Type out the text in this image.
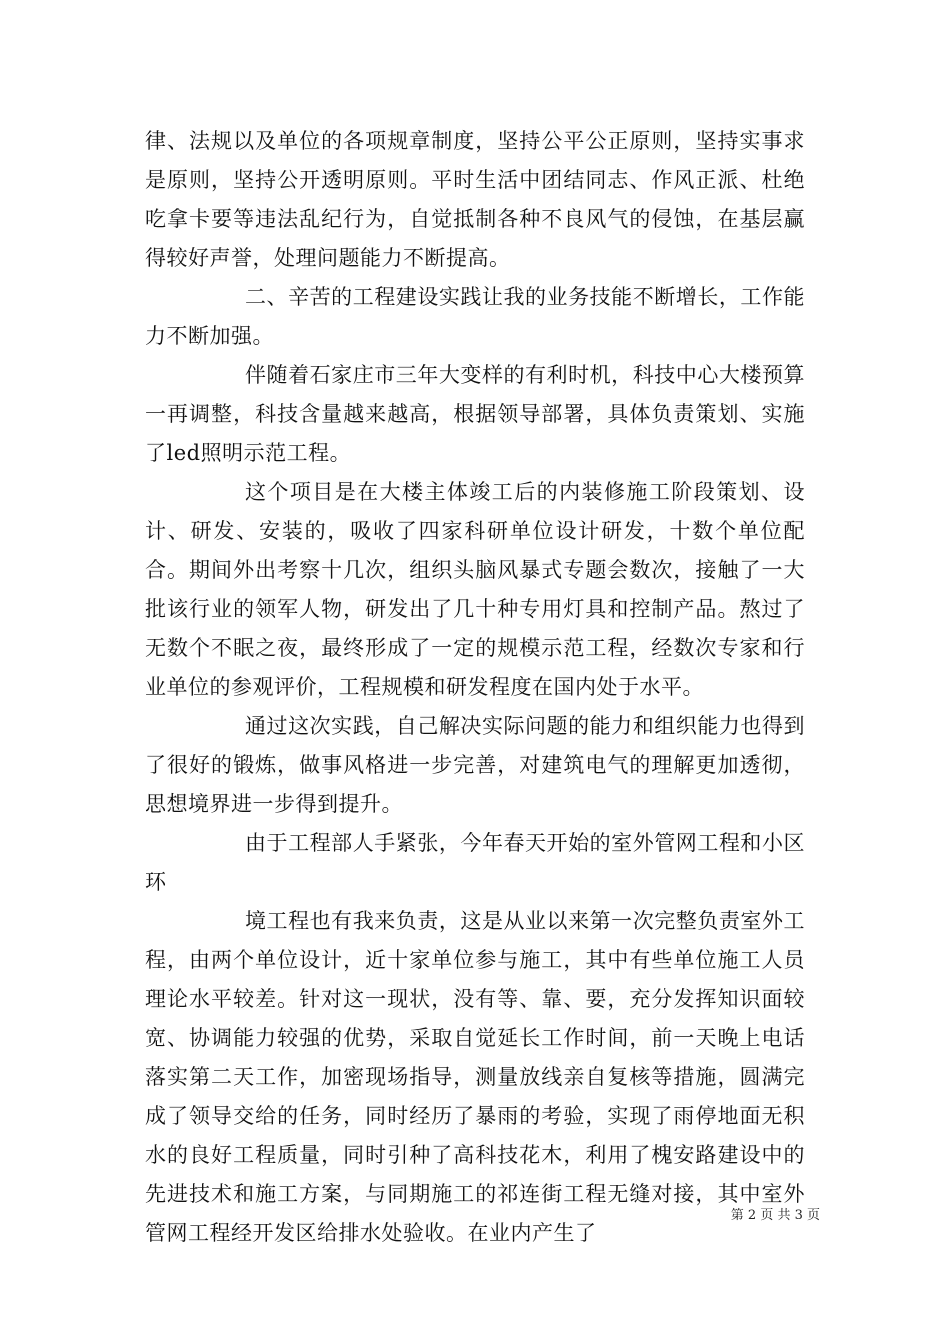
律、法规以及单位的各项规章制度，坚持公平公正原则，坚持实事求是原则，坚持公开透明原则。平时生活中团结同志、作风正派、杜绝吃拿卡要等违法乱纪行为，自觉抵制各种不良风气的侵蚀，在基层赢得较好声誉，处理问题能力不断提高。

二、辛苦的工程建设实践让我的业务技能不断增长，工作能力不断加强。

伴随着石家庄市三年大变样的有利时机，科技中心大楼预算一再调整，科技含量越来越高，根据领导部署，具体负责策划、实施了led照明示范工程。

这个项目是在大楼主体竣工后的内装修施工阶段策划、设计、研发、安装的，吸收了四家科研单位设计研发，十数个单位配合。期间外出考察十几次，组织头脑风暴式专题会数次，接触了一大批该行业的领军人物，研发出了几十种专用灯具和控制产品。熬过了无数个不眠之夜，最终形成了一定的规模示范工程，经数次专家和行业单位的参观评价，工程规模和研发程度在国内处于水平。

通过这次实践，自己解决实际问题的能力和组织能力也得到了很好的锻炼，做事风格进一步完善，对建筑电气的理解更加透彻，思想境界进一步得到提升。

由于工程部人手紧张，今年春天开始的室外管网工程和小区环

境工程也有我来负责，这是从业以来第一次完整负责室外工程，由两个单位设计，近十家单位参与施工，其中有些单位施工人员理论水平较差。针对这一现状，没有等、靠、要，充分发挥知识面较宽、协调能力较强的优势，采取自觉延长工作时间，前一天晚上电话落实第二天工作，加密现场指导，测量放线亲自复核等措施，圆满完成了领导交给的任务，同时经历了暴雨的考验，实现了雨停地面无积水的良好工程质量，同时引种了高科技花木，利用了槐安路建设中的先进技术和施工方案，与同期施工的祁连街工程无缝对接，其中室外管网工程经开发区给排水处验收。在业内产生了

第 2 页 共 3 页
